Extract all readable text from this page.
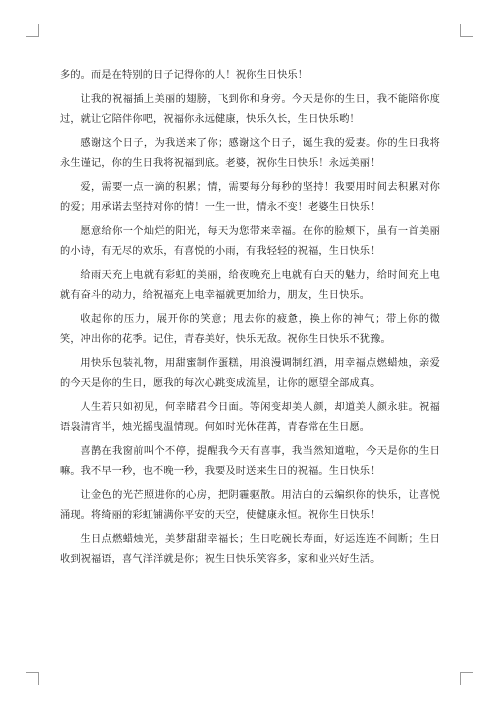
多的。而是在特别的日子记得你的人！祝你生日快乐！

让我的祝福插上美丽的翅膀，飞到你和身旁。今天是你的生日，我不能陪你度过，就让它陪伴你吧，祝福你永远健康，快乐久长，生日快乐哟！

感谢这个日子，为我送来了你；感谢这个日子，诞生我的爱妻。你的生日我将永生谨记，你的生日我将祝福到底。老婆，祝你生日快乐！永远美丽！

爱，需要一点一滴的积累；情，需要每分每秒的坚持！我要用时间去积累对你的爱；用承诺去坚持对你的情！一生一世，情永不变！老婆生日快乐！

愿意给你一个灿烂的阳光，每天为您带来幸福。在你的脸颊下，虽有一首美丽的小诗，有无尽的欢乐，有喜悦的小雨，有我轻轻的祝福，生日快乐！

给雨天充上电就有彩虹的美丽，给夜晚充上电就有白天的魅力，给时间充上电就有奋斗的动力，给祝福充上电幸福就更加给力，朋友，生日快乐。

收起你的压力，展开你的笑意；甩去你的疲惫，换上你的神气；带上你的微笑，冲出你的花季。记住，青春美好，快乐无敌。祝你生日快乐不犹豫。

用快乐包装礼物，用甜蜜制作蛋糕，用浪漫调制红酒，用幸福点燃蜡烛，亲爱的今天是你的生日，愿我的每次心跳变成流星，让你的愿望全部成真。

人生若只如初见，何幸睹君今日面。等闲变却美人颜，却道美人颜永驻。祝福语袅清宵半，烛光摇曳温情现。何如时光休荏苒，青春常在生日愿。

喜鹊在我窗前叫个不停，提醒我今天有喜事，我当然知道啦，今天是你的生日嘛。我不早一秒，也不晚一秒，我要及时送来生日的祝福。生日快乐！

让金色的光芒照进你的心房，把阴霾驱散。用洁白的云编织你的快乐，让喜悦涌现。将绮丽的彩虹铺满你平安的天空，使健康永恒。祝你生日快乐！

生日点燃蜡烛光，美梦甜甜幸福长；生日吃碗长寿面，好运连连不间断；生日收到祝福语，喜气洋洋就是你；祝生日快乐笑容多，家和业兴好生活。
